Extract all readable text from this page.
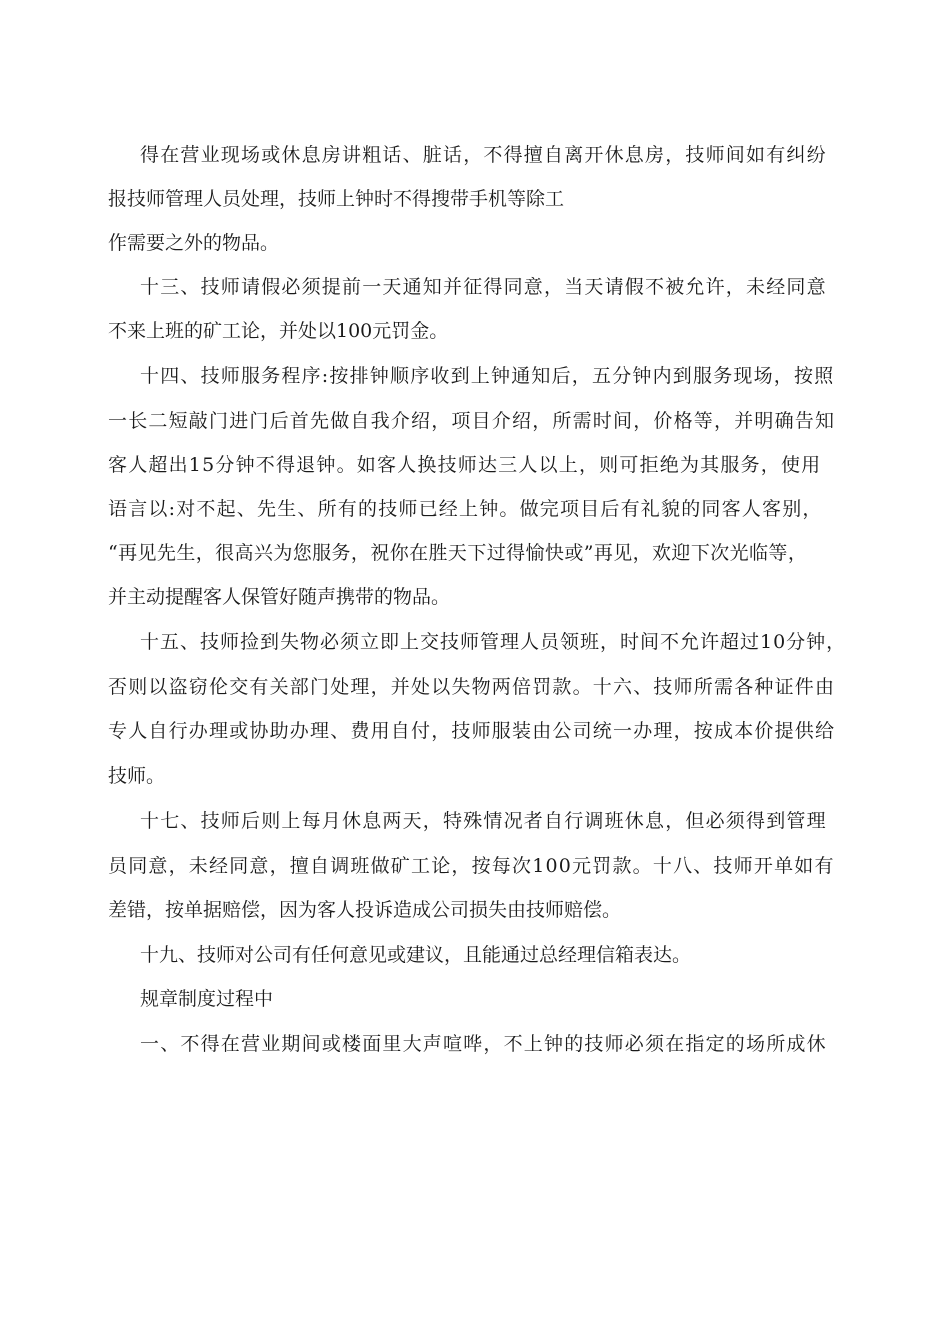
得在营业现场或休息房讲粗话、脏话，不得擅自离开休息房，技师间如有纠纷
报技师管理人员处理，技师上钟时不得搜带手机等除工
作需要之外的物品。
十三、技师请假必须提前一天通知并征得同意，当天请假不被允许，未经同意
不来上班的矿工论，并处以100元罚金。
十四、技师服务程序:按排钟顺序收到上钟通知后，五分钟内到服务现场，按照
一长二短敲门进门后首先做自我介绍，项目介绍，所需时间，价格等，并明确告知
客人超出15分钟不得退钟。如客人换技师达三人以上，则可拒绝为其服务，使用
语言以:对不起、先生、所有的技师已经上钟。做完项目后有礼貌的同客人客别，
“再见先生，很高兴为您服务，祝你在胜天下过得愉快或”再见，欢迎下次光临等，
并主动提醒客人保管好随声携带的物品。
十五、技师捡到失物必须立即上交技师管理人员领班，时间不允许超过10分钟，
否则以盗窃伦交有关部门处理，并处以失物两倍罚款。十六、技师所需各种证件由
专人自行办理或协助办理、费用自付，技师服装由公司统一办理，按成本价提供给
技师。
十七、技师后则上每月休息两天，特殊情况者自行调班休息，但必须得到管理
员同意，未经同意，擅自调班做矿工论，按每次100元罚款。十八、技师开单如有
差错，按单据赔偿，因为客人投诉造成公司损失由技师赔偿。
十九、技师对公司有任何意见或建议，且能通过总经理信箱表达。
规章制度过程中
一、不得在营业期间或楼面里大声喧哗，不上钟的技师必须在指定的场所成休
